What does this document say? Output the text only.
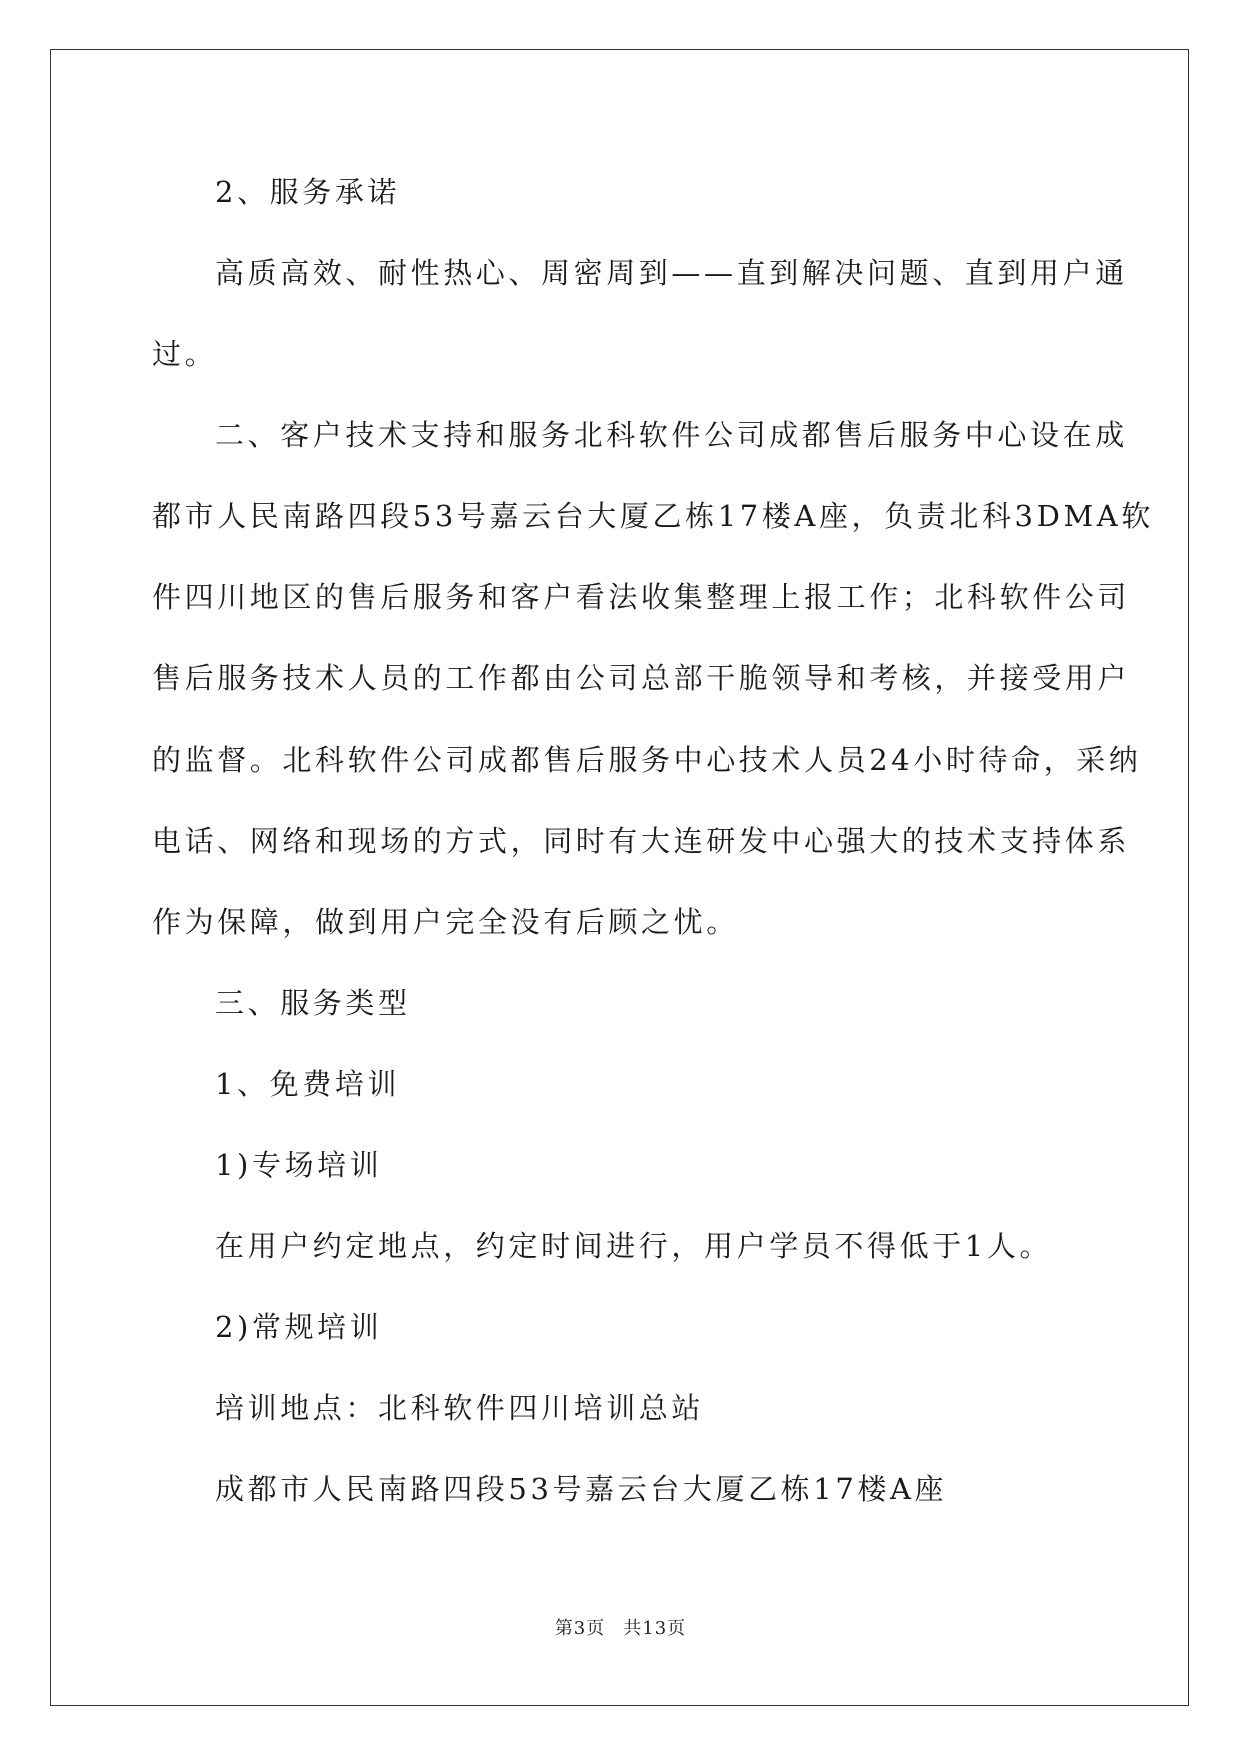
2、服务承诺
高质高效、耐性热心、周密周到——直到解决问题、直到用户通
过。
二、客户技术支持和服务北科软件公司成都售后服务中心设在成
都市人民南路四段53号嘉云台大厦乙栋17楼A座，负责北科3DMA软
件四川地区的售后服务和客户看法收集整理上报工作；北科软件公司
售后服务技术人员的工作都由公司总部干脆领导和考核，并接受用户
的监督。北科软件公司成都售后服务中心技术人员24小时待命，采纳
电话、网络和现场的方式，同时有大连研发中心强大的技术支持体系
作为保障，做到用户完全没有后顾之忧。
三、服务类型
1、免费培训
1)专场培训
在用户约定地点，约定时间进行，用户学员不得低于1人。
2)常规培训
培训地点：北科软件四川培训总站
成都市人民南路四段53号嘉云台大厦乙栋17楼A座
第3页 共13页
